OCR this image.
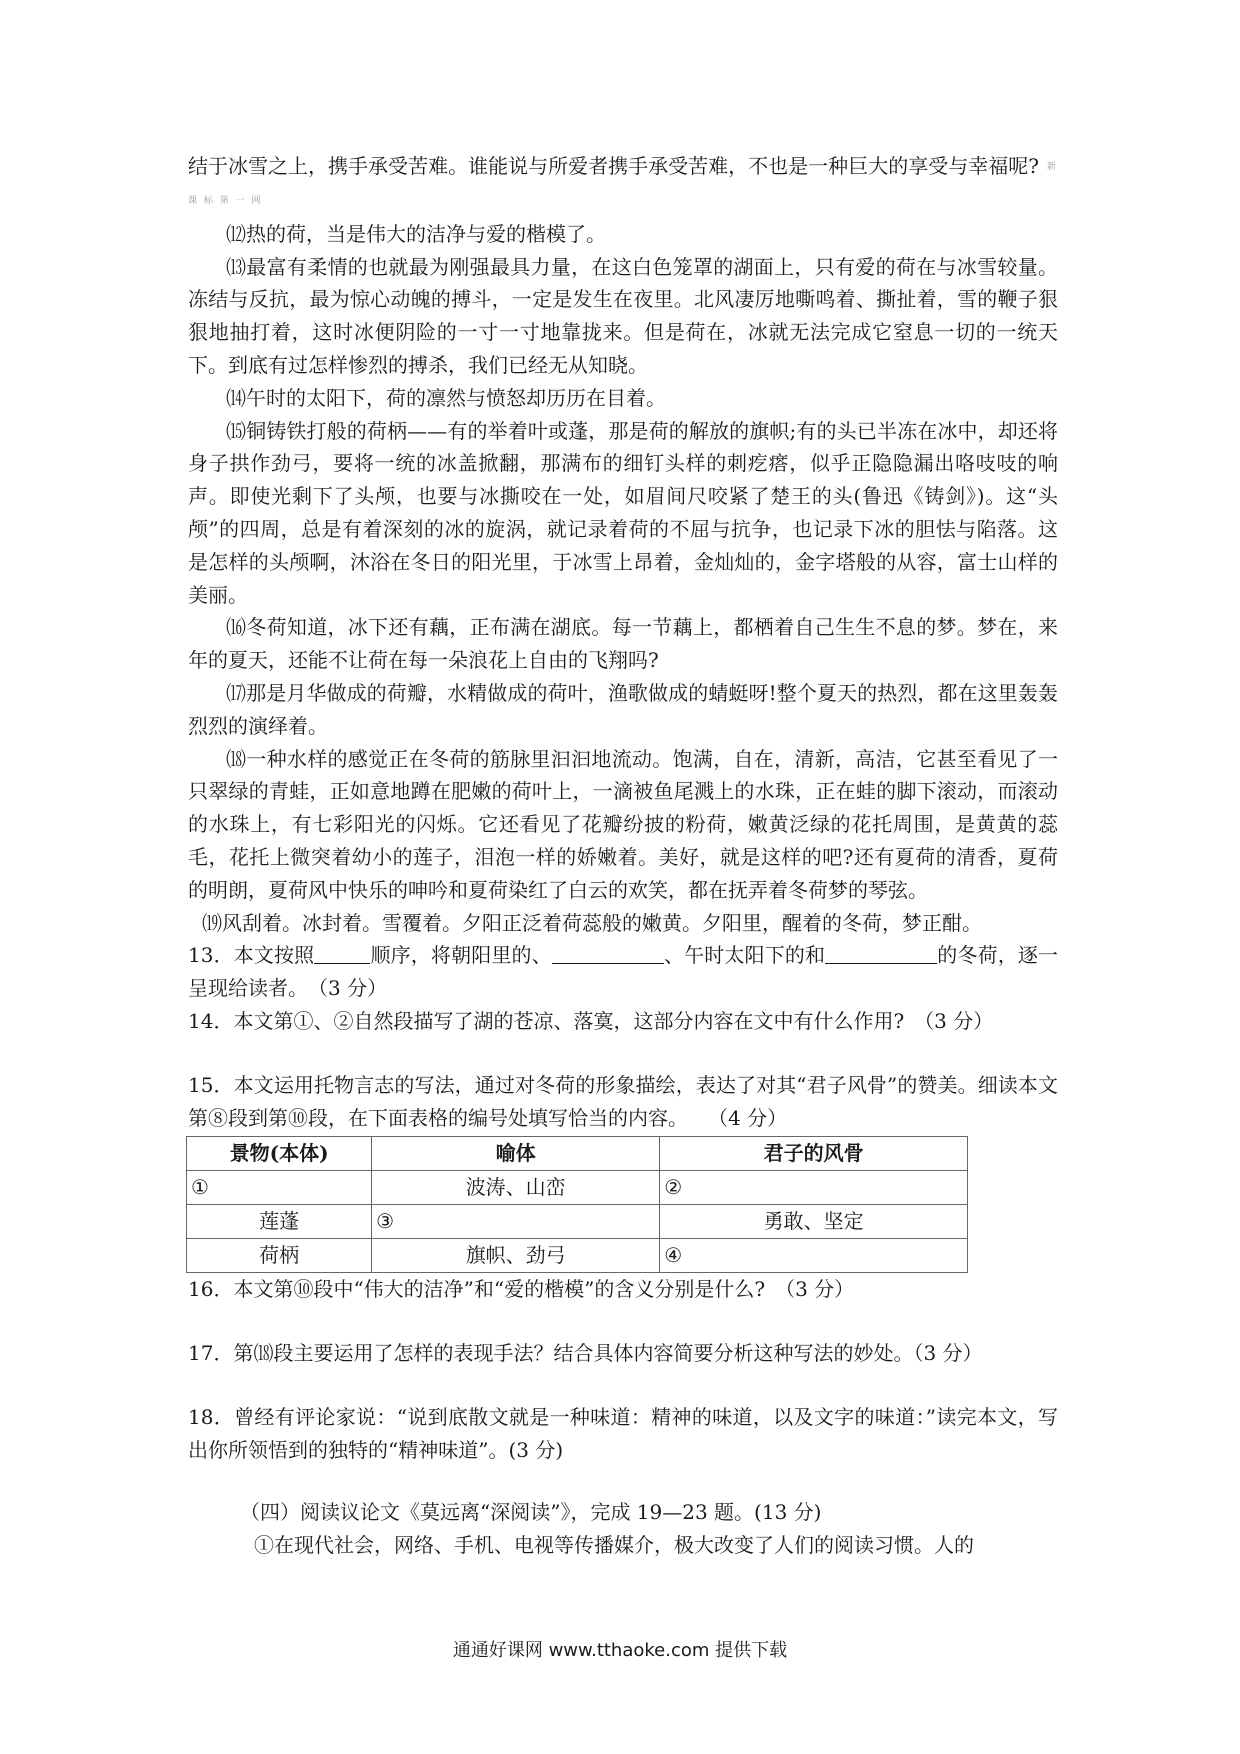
结于冰雪之上，携手承受苦难。谁能说与所爱者携手承受苦难，不也是一种巨大的享受与幸福呢? 新 课 标 第 一 网

⑿热的荷，当是伟大的洁净与爱的楷模了。

⒀最富有柔情的也就最为刚强最具力量，在这白色笼罩的湖面上，只有爱的荷在与冰雪较量。冻结与反抗，最为惊心动魄的搏斗，一定是发生在夜里。北风凄厉地嘶鸣着、撕扯着，雪的鞭子狠狠地抽打着，这时冰便阴险的一寸一寸地靠拢来。但是荷在，冰就无法完成它窒息一切的一统天下。到底有过怎样惨烈的搏杀，我们已经无从知晓。

⒁午时的太阳下，荷的凛然与愤怒却历历在目着。

⒂铜铸铁打般的荷柄——有的举着叶或蓬，那是荷的解放的旗帜;有的头已半冻在冰中，却还将身子拱作劲弓，要将一统的冰盖掀翻，那满布的细钉头样的刺疙瘩，似乎正隐隐漏出咯吱吱的响声。即使光剩下了头颅，也要与冰撕咬在一处，如眉间尺咬紧了楚王的头(鲁迅《铸剑》)。这“头颅”的四周，总是有着深刻的冰的旋涡，就记录着荷的不屈与抗争，也记录下冰的胆怯与陷落。这是怎样的头颅啊，沐浴在冬日的阳光里，于冰雪上昂着，金灿灿的，金字塔般的从容，富士山样的美丽。

⒃冬荷知道，冰下还有藕，正布满在湖底。每一节藕上，都栖着自己生生不息的梦。梦在，来年的夏天，还能不让荷在每一朵浪花上自由的飞翔吗?

⒄那是月华做成的荷瓣，水精做成的荷叶，渔歌做成的蜻蜓呀!整个夏天的热烈，都在这里轰轰烈烈的演绎着。

⒅一种水样的感觉正在冬荷的筋脉里汩汩地流动。饱满，自在，清新，高洁，它甚至看见了一只翠绿的青蛙，正如意地蹲在肥嫩的荷叶上，一滴被鱼尾溅上的水珠，正在蛙的脚下滚动，而滚动的水珠上，有七彩阳光的闪烁。它还看见了花瓣纷披的粉荷，嫩黄泛绿的花托周围，是黄黄的蕊毛，花托上微突着幼小的莲子，泪泡一样的娇嫩着。美好，就是这样的吧?还有夏荷的清香，夏荷的明朗，夏荷风中快乐的呻吟和夏荷染红了白云的欢笑，都在抚弄着冬荷梦的琴弦。

⒆风刮着。冰封着。雪覆着。夕阳正泛着荷蕊般的嫩黄。夕阳里，醒着的冬荷，梦正酣。

13．本文按照	顺序，将朝阳里的、	、午时太阳下的和	的冬荷，逐一呈现给读者。　（3 分）

14．本文第①、②自然段描写了湖的苍凉、落寞，这部分内容在文中有什么作用?　（3 分）

15．本文运用托物言志的写法，通过对冬荷的形象描绘，表达了对其“君子风骨”的赞美。细读本文第⑧段到第⑩段，在下面表格的编号处填写恰当的内容。　　（4 分）

景物(本体)	喻体	君子的风骨
①	波涛、山峦	②
莲蓬	③	勇敢、坚定
荷柄	旗帜、劲弓	④

16．本文第⑩段中“伟大的洁净”和“爱的楷模”的含义分别是什么?　（3 分）

17．第⒅段主要运用了怎样的表现手法？结合具体内容简要分析这种写法的妙处。（3 分）

18．曾经有评论家说：“说到底散文就是一种味道：精神的味道，以及文字的味道：”读完本文，写出你所领悟到的独特的“精神味道”。(3 分)

（四）阅读议论文《莫远离“深阅读”》，完成 19—23 题。(13 分)

①在现代社会，网络、手机、电视等传播媒介，极大改变了人们的阅读习惯。人的

通通好课网 www.tthaoke.com 提供下载
